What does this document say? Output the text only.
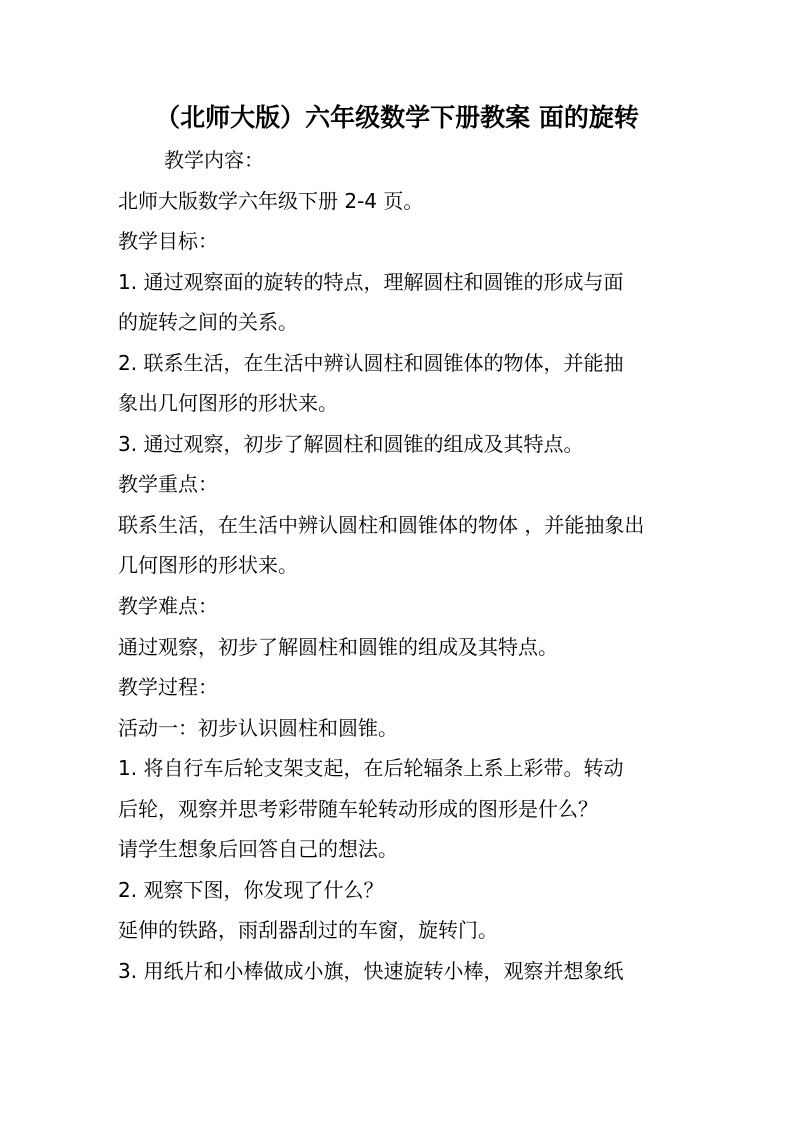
（北师大版）六年级数学下册教案 面的旋转
教学内容：
北师大版数学六年级下册 2-4 页。
教学目标：
1. 通过观察面的旋转的特点，理解圆柱和圆锥的形成与面
的旋转之间的关系。
2. 联系生活，在生活中辨认圆柱和圆锥体的物体，并能抽
象出几何图形的形状来。
3. 通过观察，初步了解圆柱和圆锥的组成及其特点。
教学重点：
联系生活，在生活中辨认圆柱和圆锥体的物体 ，并能抽象出
几何图形的形状来。
教学难点：
通过观察，初步了解圆柱和圆锥的组成及其特点。
教学过程：
活动一：初步认识圆柱和圆锥。
1. 将自行车后轮支架支起，在后轮辐条上系上彩带。转动
后轮，观察并思考彩带随车轮转动形成的图形是什么？
请学生想象后回答自己的想法。
2. 观察下图，你发现了什么？
延伸的铁路，雨刮器刮过的车窗，旋转门。
3. 用纸片和小棒做成小旗，快速旋转小棒，观察并想象纸
